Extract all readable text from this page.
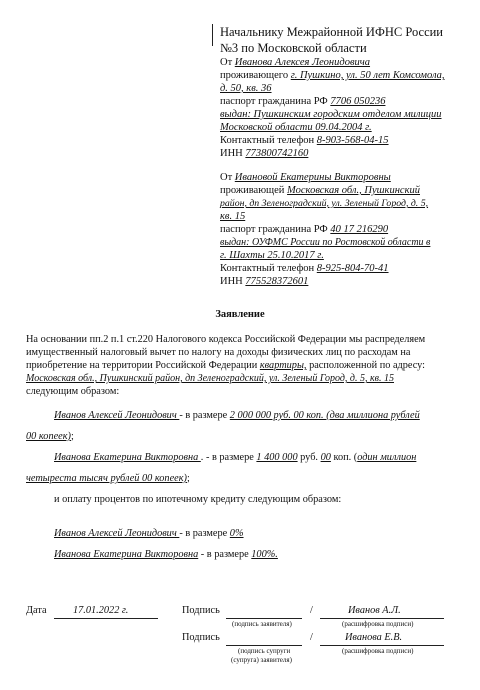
Начальнику Межрайонной ИФНС России
№3 по Московской области
От Иванова Алексея Леонидовича
проживающего г. Пушкино, ул. 50 лет Комсомола,
д. 50, кв. 36
паспорт гражданина РФ 7706 050236
выдан: Пушкинским городским отделом милиции
Московской области 09.04.2004 г.
Контактный телефон 8-903-568-04-15
ИНН 773800742160
От Ивановой Екатерины Викторовны
проживающей Московская обл., Пушкинский
район, дп Зеленоградский, ул. Зеленый Город, д. 5,
кв. 15
паспорт гражданина РФ 40 17 216290
выдан: ОУФМС России по Ростовской области в
г. Шахты 25.10.2017 г.
Контактный телефон 8-925-804-70-41
ИНН 775528372601
Заявление
На основании пп.2 п.1 ст.220 Налогового кодекса Российской Федерации мы распределяем
имущественный налоговый вычет по налогу на доходы физических лиц по расходам на
приобретение на территории Российской Федерации квартиры, расположенной по адресу:
Московская обл., Пушкинский район, дп Зеленоградский, ул. Зеленый Город, д. 5, кв. 15
следующим образом:
Иванов Алексей Леонидович - в размере 2 000 000 руб. 00 коп. (два миллиона рублей
00 копеек);
Иванова Екатерина Викторовна . - в размере 1 400 000 руб. 00 коп. (один миллион
четыреста тысяч рублей 00 копеек);
и оплату процентов по ипотечному кредиту следующим образом:
Иванов Алексей Леонидович - в размере 0%
Иванова Екатерина Викторовна - в размере 100%.
Дата	17.01.2022 г.	Подпись	/	Иванов А.Л.
(подпись заявителя)	(расшифровка подписи)
Подпись	/	Иванова Е.В.
(подпись супруги
(супруга) заявителя)
(расшифровка подписи)
